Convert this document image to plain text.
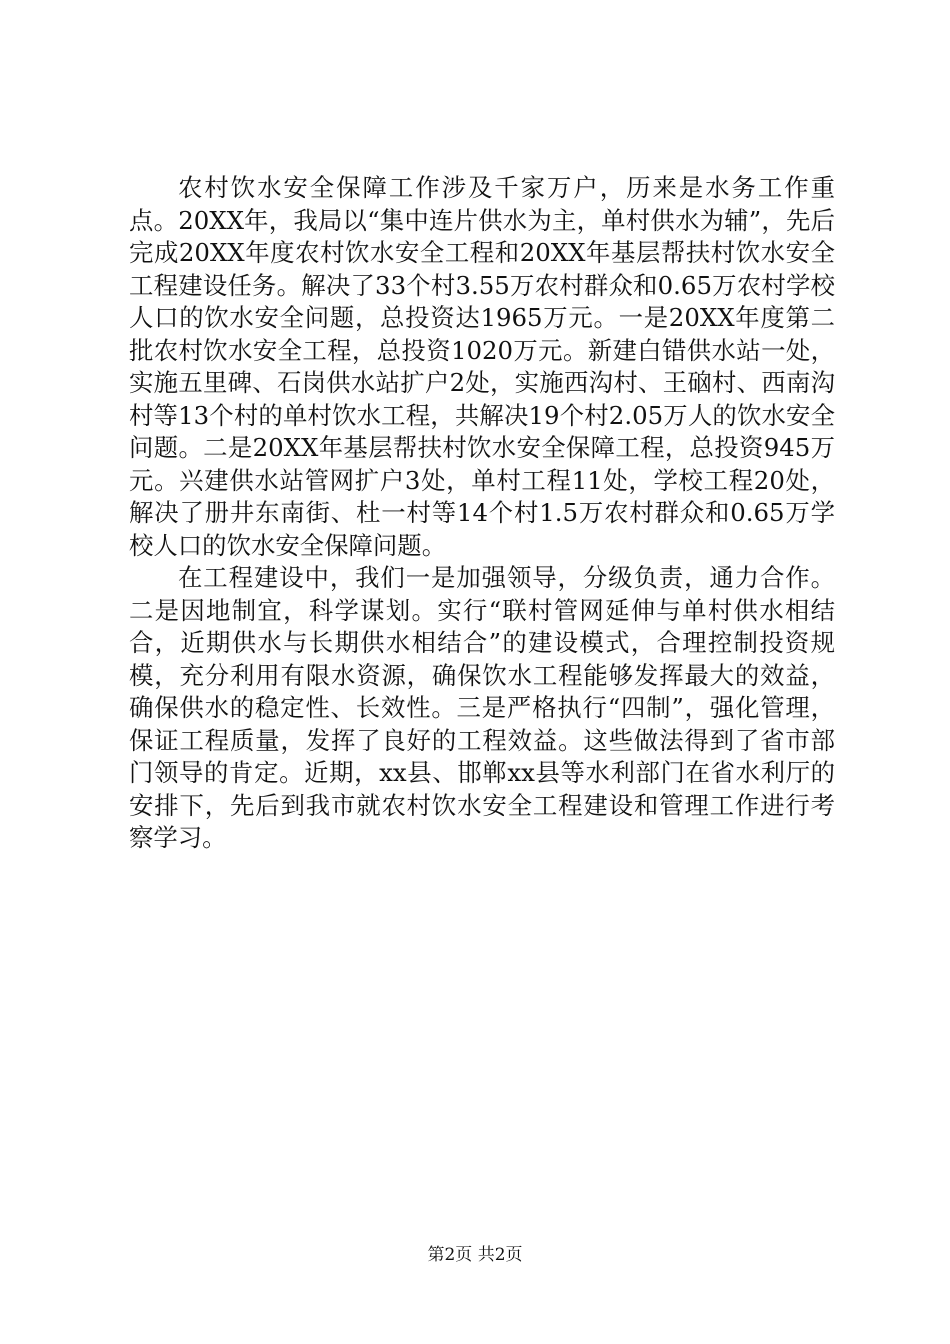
农村饮水安全保障工作涉及千家万户，历来是水务工作重点。20XX年，我局以“集中连片供水为主，单村供水为辅”，先后完成20XX年度农村饮水安全工程和20XX年基层帮扶村饮水安全工程建设任务。解决了33个村3.55万农村群众和0.65万农村学校人口的饮水安全问题，总投资达1965万元。一是20XX年度第二批农村饮水安全工程，总投资1020万元。新建白错供水站一处，实施五里碑、石岗供水站扩户2处，实施西沟村、王硇村、西南沟村等13个村的单村饮水工程，共解决19个村2.05万人的饮水安全问题。二是20XX年基层帮扶村饮水安全保障工程，总投资945万元。兴建供水站管网扩户3处，单村工程11处，学校工程20处，解决了册井东南街、杜一村等14个村1.5万农村群众和0.65万学校人口的饮水安全保障问题。

在工程建设中，我们一是加强领导，分级负责，通力合作。二是因地制宜，科学谋划。实行“联村管网延伸与单村供水相结合，近期供水与长期供水相结合”的建设模式，合理控制投资规模，充分利用有限水资源，确保饮水工程能够发挥最大的效益，确保供水的稳定性、长效性。三是严格执行“四制”，强化管理，保证工程质量，发挥了良好的工程效益。这些做法得到了省市部门领导的肯定。近期，xx县、邯郸xx县等水利部门在省水利厅的安排下，先后到我市就农村饮水安全工程建设和管理工作进行考察学习。

第2页 共2页
